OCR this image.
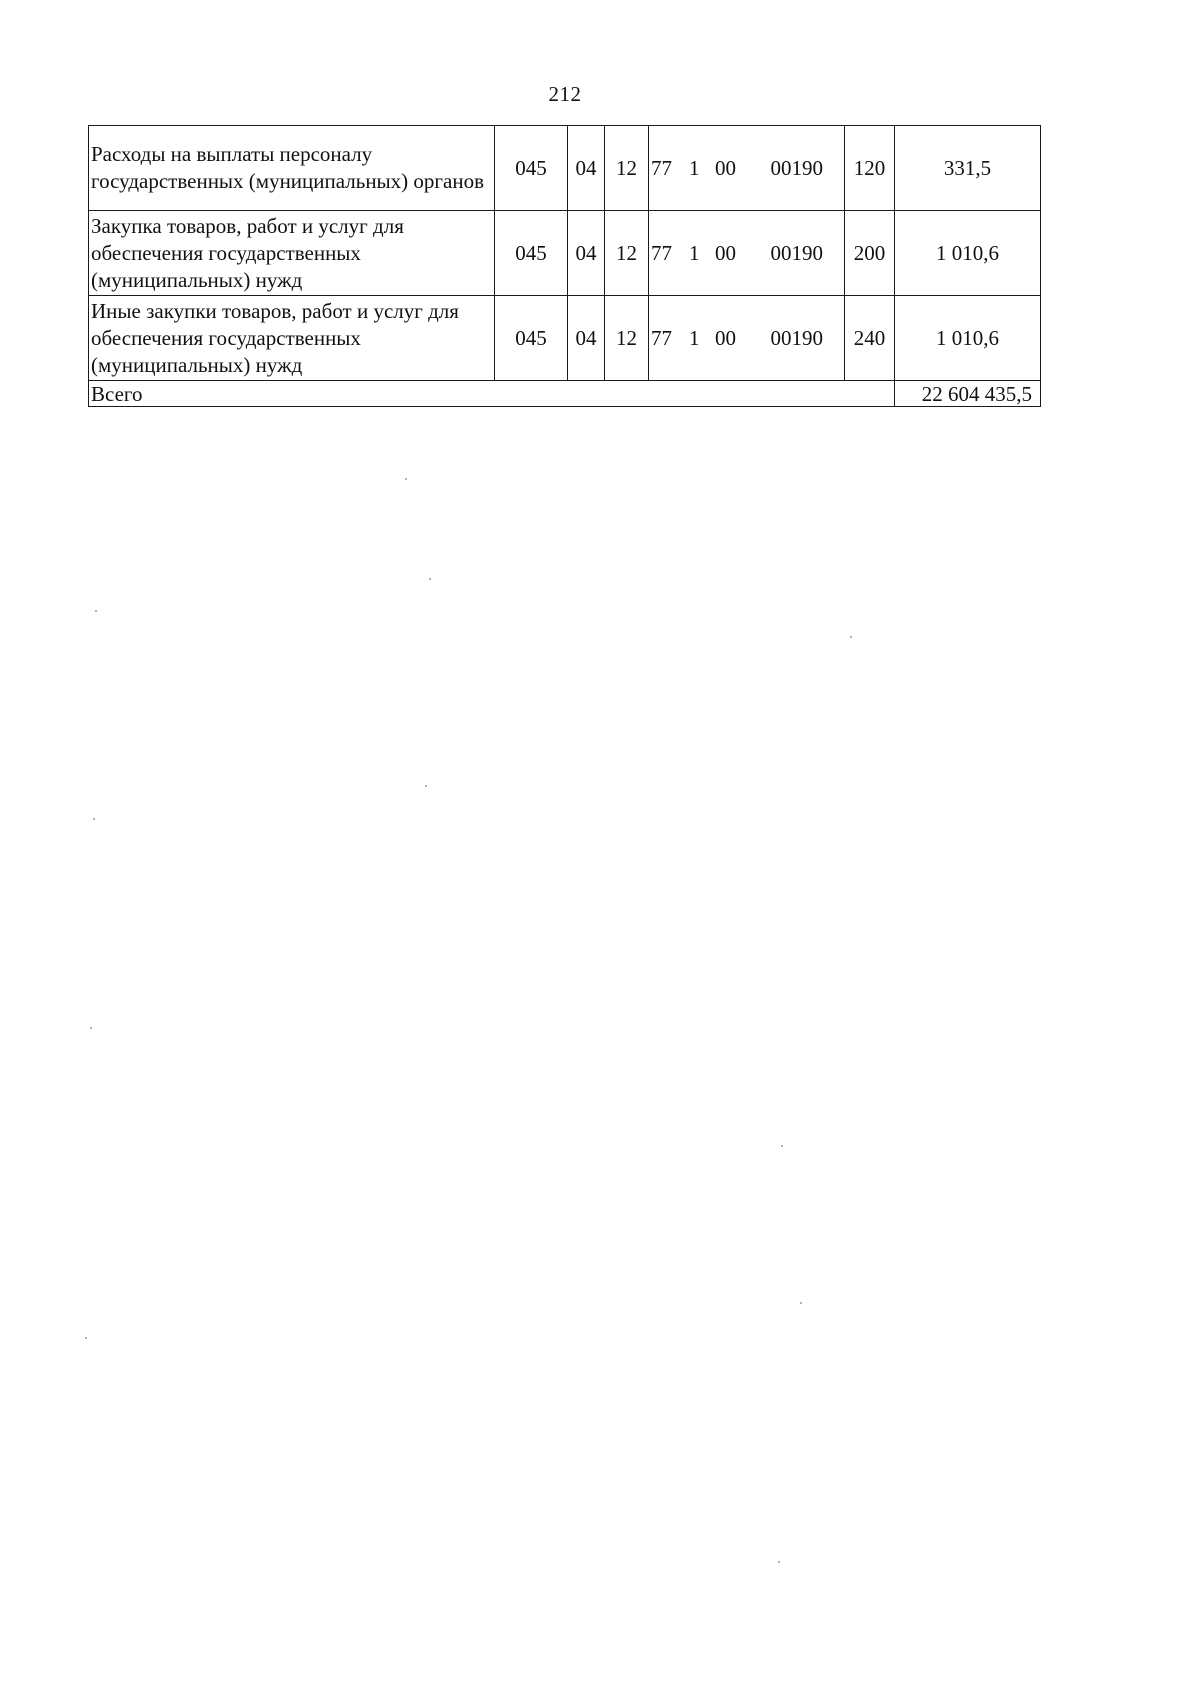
212
Расходы на выплаты персоналу государственных (муниципальных) органов	045	04	12	77 1 00 00190	120	331,5
Закупка товаров, работ и услуг для обеспечения государственных (муниципальных) нужд	045	04	12	77 1 00 00190	200	1 010,6
Иные закупки товаров, работ и услуг для обеспечения государственных (муниципальных) нужд	045	04	12	77 1 00 00190	240	1 010,6
Всего						22 604 435,5
